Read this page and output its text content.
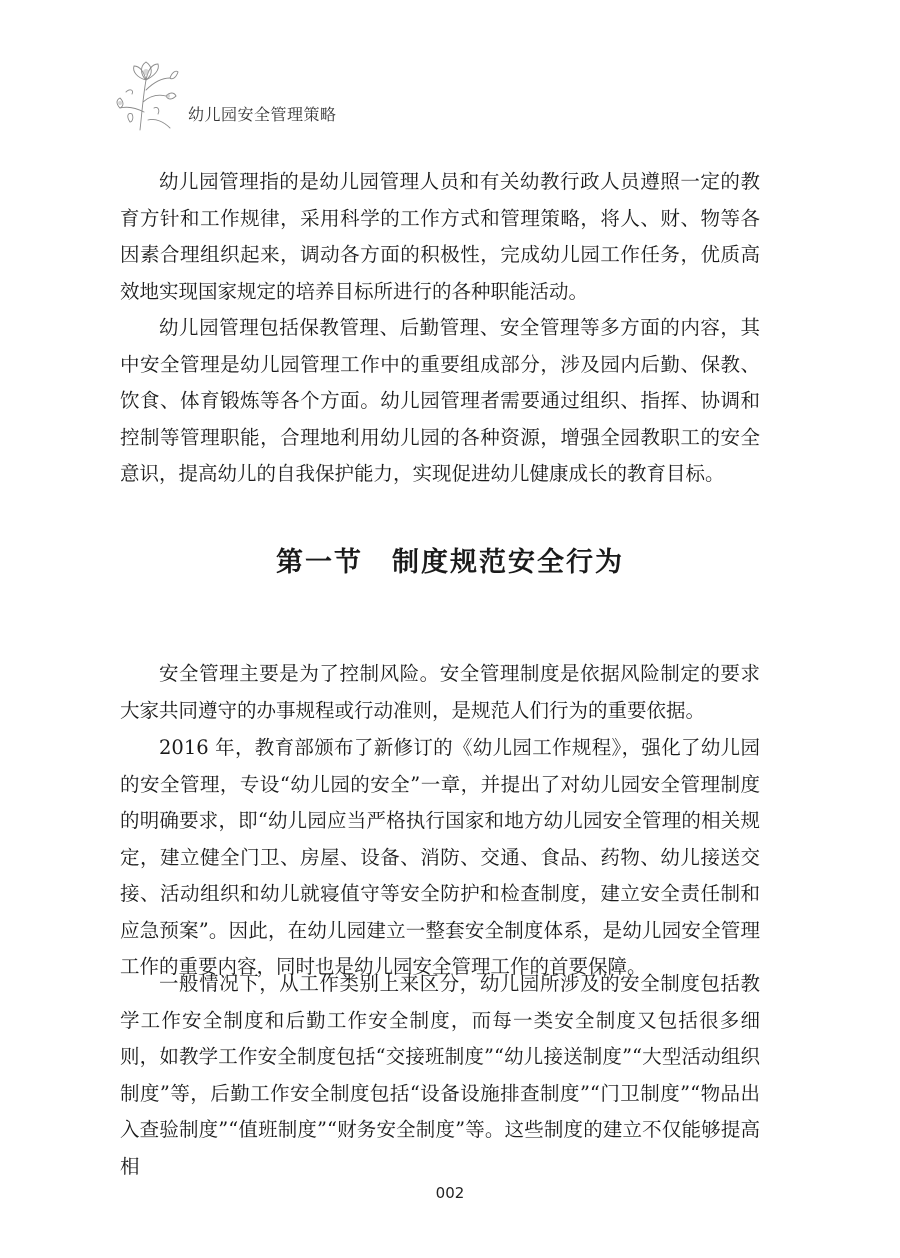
幼儿园安全管理策略

幼儿园管理指的是幼儿园管理人员和有关幼教行政人员遵照一定的教育方针和工作规律，采用科学的工作方式和管理策略，将人、财、物等各因素合理组织起来，调动各方面的积极性，完成幼儿园工作任务，优质高效地实现国家规定的培养目标所进行的各种职能活动。

幼儿园管理包括保教管理、后勤管理、安全管理等多方面的内容，其中安全管理是幼儿园管理工作中的重要组成部分，涉及园内后勤、保教、饮食、体育锻炼等各个方面。幼儿园管理者需要通过组织、指挥、协调和控制等管理职能，合理地利用幼儿园的各种资源，增强全园教职工的安全意识，提高幼儿的自我保护能力，实现促进幼儿健康成长的教育目标。

第一节　制度规范安全行为

安全管理主要是为了控制风险。安全管理制度是依据风险制定的要求大家共同遵守的办事规程或行动准则，是规范人们行为的重要依据。

2016 年，教育部颁布了新修订的《幼儿园工作规程》，强化了幼儿园的安全管理，专设“幼儿园的安全”一章，并提出了对幼儿园安全管理制度的明确要求，即“幼儿园应当严格执行国家和地方幼儿园安全管理的相关规定，建立健全门卫、房屋、设备、消防、交通、食品、药物、幼儿接送交接、活动组织和幼儿就寝值守等安全防护和检查制度，建立安全责任制和应急预案”。因此，在幼儿园建立一整套安全制度体系，是幼儿园安全管理工作的重要内容，同时也是幼儿园安全管理工作的首要保障。

一般情况下，从工作类别上来区分，幼儿园所涉及的安全制度包括教学工作安全制度和后勤工作安全制度，而每一类安全制度又包括很多细则，如教学工作安全制度包括“交接班制度”“幼儿接送制度”“大型活动组织制度”等，后勤工作安全制度包括“设备设施排查制度”“门卫制度”“物品出入查验制度”“值班制度”“财务安全制度”等。这些制度的建立不仅能够提高相

002
